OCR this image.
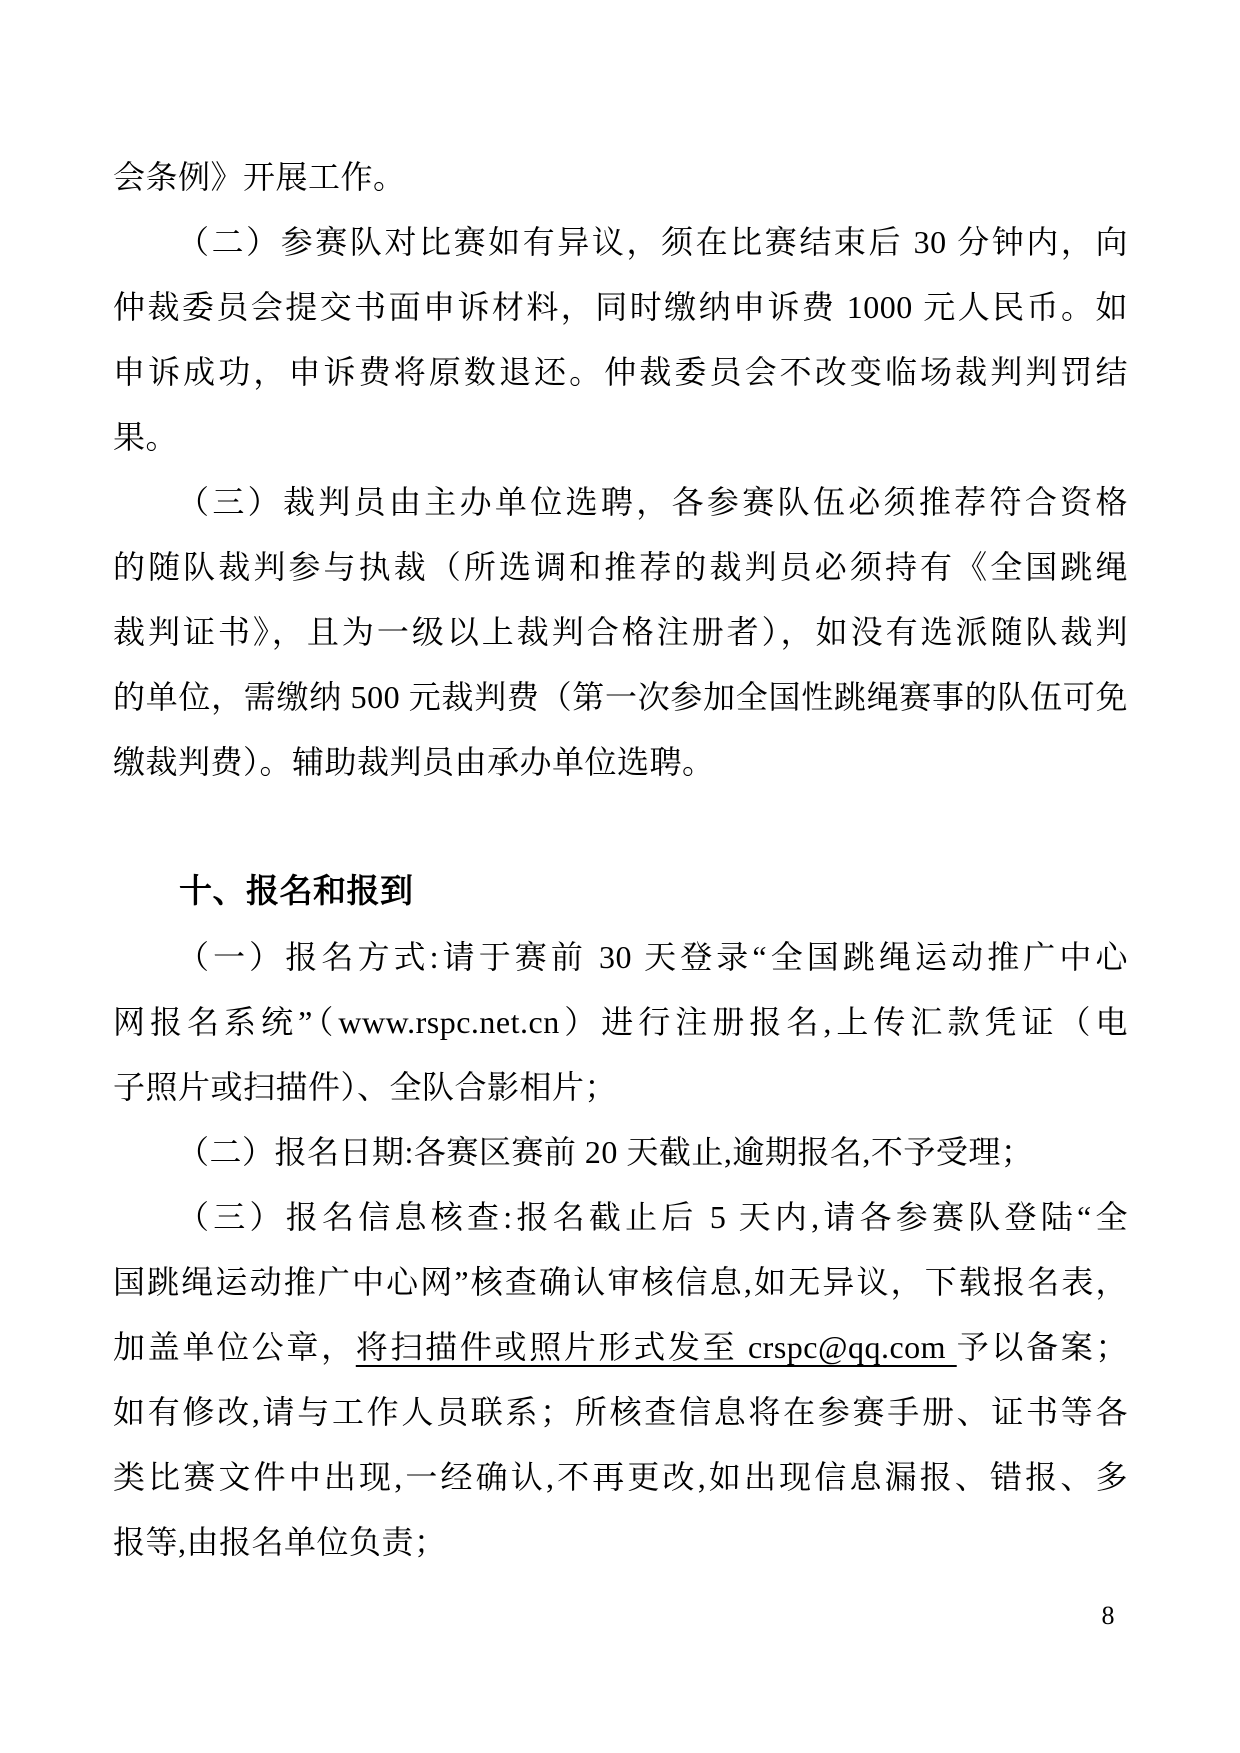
会条例》开展工作。
（二）参赛队对比赛如有异议，须在比赛结束后 30 分钟内，向
仲裁委员会提交书面申诉材料，同时缴纳申诉费 1000 元人民币。如
申诉成功，申诉费将原数退还。仲裁委员会不改变临场裁判判罚结
果。
（三）裁判员由主办单位选聘，各参赛队伍必须推荐符合资格
的随队裁判参与执裁（所选调和推荐的裁判员必须持有《全国跳绳
裁判证书》，且为一级以上裁判合格注册者），如没有选派随队裁判
的单位，需缴纳 500 元裁判费（第一次参加全国性跳绳赛事的队伍可免
缴裁判费）。辅助裁判员由承办单位选聘。
十、报名和报到
（一）报名方式:请于赛前 30 天登录“全国跳绳运动推广中心
网报名系统”（www.rspc.net.cn）进行注册报名,上传汇款凭证（电
子照片或扫描件）、全队合影相片；
（二）报名日期:各赛区赛前 20 天截止,逾期报名,不予受理；
（三）报名信息核查:报名截止后 5 天内,请各参赛队登陆“全
国跳绳运动推广中心网”核查确认审核信息,如无异议，下载报名表，
加盖单位公章，将扫描件或照片形式发至 crspc@qq.com 予以备案；
如有修改,请与工作人员联系；所核查信息将在参赛手册、证书等各
类比赛文件中出现,一经确认,不再更改,如出现信息漏报、错报、多
报等,由报名单位负责；
8
